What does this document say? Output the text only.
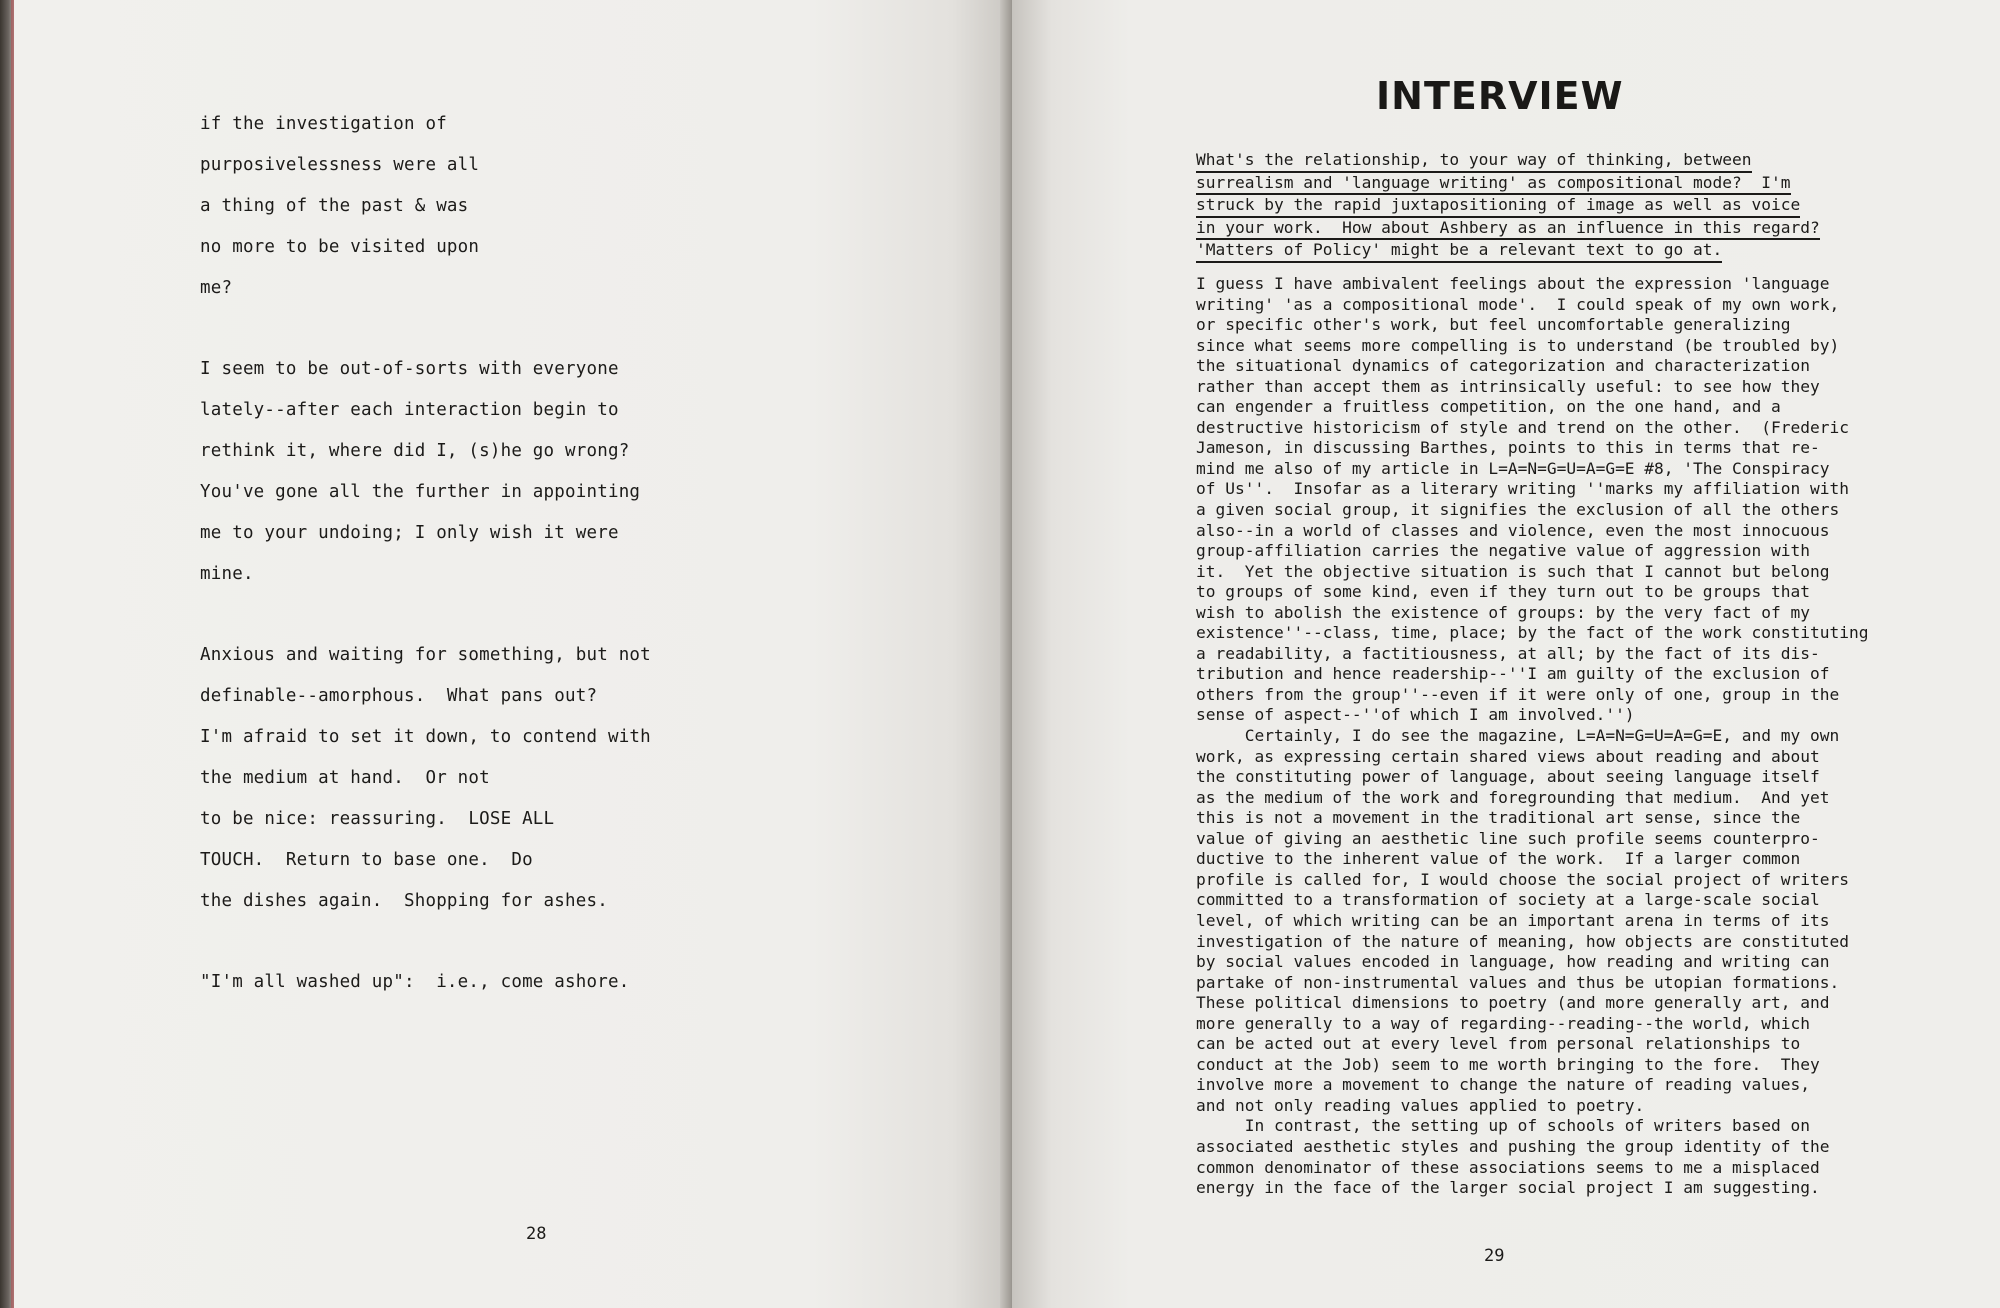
if the investigation of
purposivelessness were all
a thing of the past & was
no more to be visited upon
me?
I seem to be out-of-sorts with everyone
lately--after each interaction begin to
rethink it, where did I, (s)he go wrong?
You've gone all the further in appointing
me to your undoing; I only wish it were
mine.
Anxious and waiting for something, but not
definable--amorphous.  What pans out?
I'm afraid to set it down, to contend with
the medium at hand.  Or not
to be nice: reassuring.  LOSE ALL
TOUCH.  Return to base one.  Do
the dishes again.  Shopping for ashes.
"I'm all washed up":  i.e., come ashore.
28
INTERVIEW
What's the relationship, to your way of thinking, between
surrealism and 'language writing' as compositional mode?  I'm
struck by the rapid juxtapositioning of image as well as voice
in your work.  How about Ashbery as an influence in this regard?
'Matters of Policy' might be a relevant text to go at.
I guess I have ambivalent feelings about the expression 'language
writing' 'as a compositional mode'.  I could speak of my own work,
or specific other's work, but feel uncomfortable generalizing
since what seems more compelling is to understand (be troubled by)
the situational dynamics of categorization and characterization
rather than accept them as intrinsically useful: to see how they
can engender a fruitless competition, on the one hand, and a
destructive historicism of style and trend on the other.  (Frederic
Jameson, in discussing Barthes, points to this in terms that re-
mind me also of my article in L=A=N=G=U=A=G=E #8, 'The Conspiracy
of Us''.  Insofar as a literary writing ''marks my affiliation with
a given social group, it signifies the exclusion of all the others
also--in a world of classes and violence, even the most innocuous
group-affiliation carries the negative value of aggression with
it.  Yet the objective situation is such that I cannot but belong
to groups of some kind, even if they turn out to be groups that
wish to abolish the existence of groups: by the very fact of my
existence''--class, time, place; by the fact of the work constituting
a readability, a factitiousness, at all; by the fact of its dis-
tribution and hence readership--''I am guilty of the exclusion of
others from the group''--even if it were only of one, group in the
sense of aspect--''of which I am involved.'')
Certainly, I do see the magazine, L=A=N=G=U=A=G=E, and my own
work, as expressing certain shared views about reading and about
the constituting power of language, about seeing language itself
as the medium of the work and foregrounding that medium.  And yet
this is not a movement in the traditional art sense, since the
value of giving an aesthetic line such profile seems counterpro-
ductive to the inherent value of the work.  If a larger common
profile is called for, I would choose the social project of writers
committed to a transformation of society at a large-scale social
level, of which writing can be an important arena in terms of its
investigation of the nature of meaning, how objects are constituted
by social values encoded in language, how reading and writing can
partake of non-instrumental values and thus be utopian formations.
These political dimensions to poetry (and more generally art, and
more generally to a way of regarding--reading--the world, which
can be acted out at every level from personal relationships to
conduct at the Job) seem to me worth bringing to the fore.  They
involve more a movement to change the nature of reading values,
and not only reading values applied to poetry.
In contrast, the setting up of schools of writers based on
associated aesthetic styles and pushing the group identity of the
common denominator of these associations seems to me a misplaced
energy in the face of the larger social project I am suggesting.
29
